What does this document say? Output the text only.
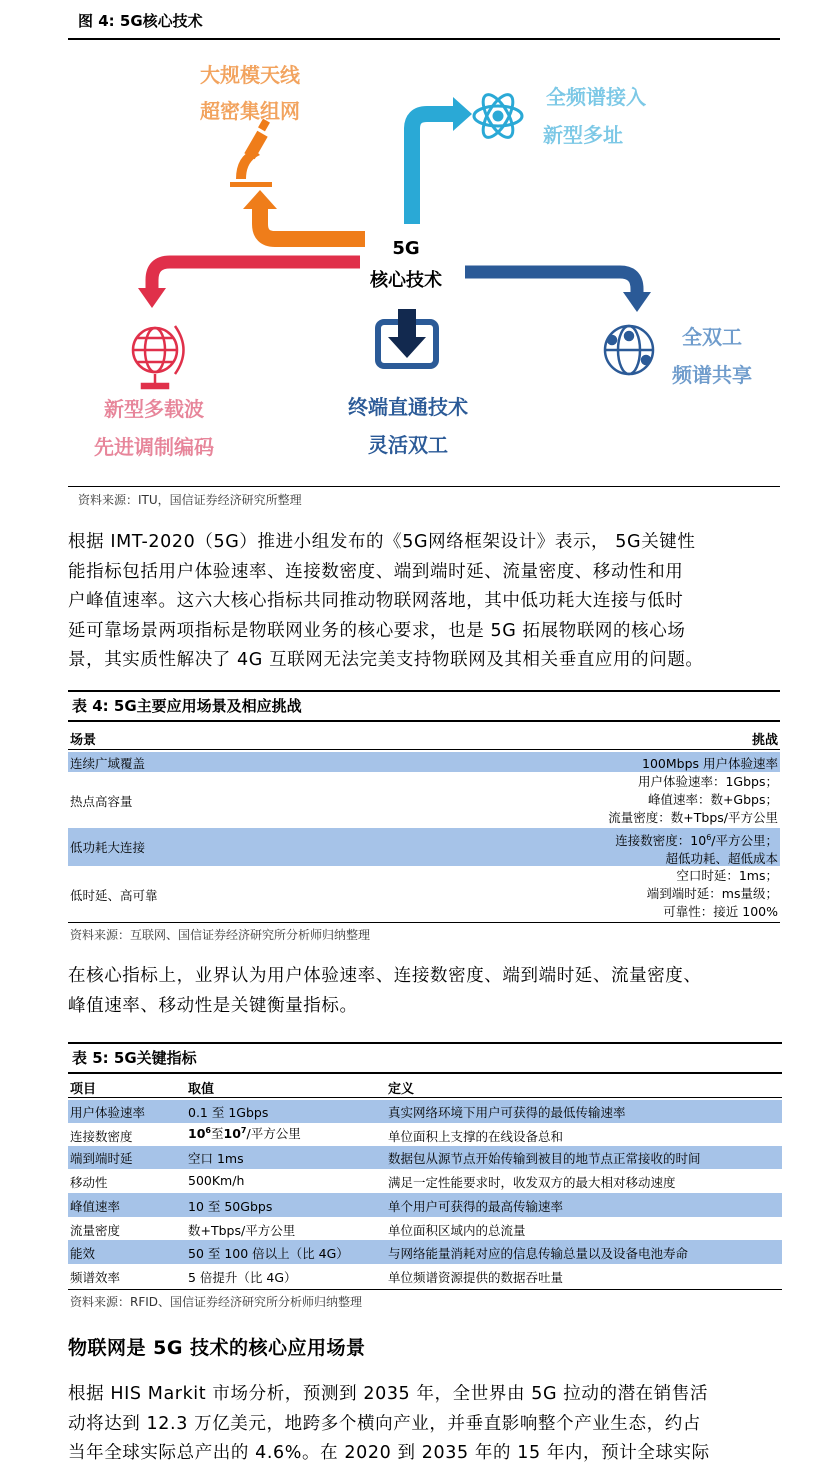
图 4: 5G核心技术
5G
核心技术
大规模天线
超密集组网
全频谱接入
新型多址
新型多载波
先进调制编码
终端直通技术
灵活双工
全双工
频谱共享
资料来源：ITU，国信证券经济研究所整理
根据 IMT-2020（5G）推进小组发布的《5G网络框架设计》表示， 5G关键性
能指标包括用户体验速率、连接数密度、端到端时延、流量密度、移动性和用
户峰值速率。这六大核心指标共同推动物联网落地，其中低功耗大连接与低时
延可靠场景两项指标是物联网业务的核心要求，也是 5G 拓展物联网的核心场
景，其实质性解决了 4G 互联网无法完美支持物联网及其相关垂直应用的问题。
表 4: 5G主要应用场景及相应挑战
场景	挑战
连续广域覆盖	100Mbps 用户体验速率
热点高容量
用户体验速率：1Gbps；
峰值速率：数+Gbps；
流量密度：数+Tbps/平方公里
低功耗大连接	连接数密度：$10^6/$平方公里；
超低功耗、超低成本
低时延、高可靠
空口时延：1ms；
端到端时延：ms量级；
可靠性：接近 100%
资料来源：互联网、国信证券经济研究所分析师归纳整理
在核心指标上，业界认为用户体验速率、连接数密度、端到端时延、流量密度、
峰值速率、移动性是关键衡量指标。
表 5: 5G关键指标
项目	取值	定义
用户体验速率	0.1 至 1Gbps	真实网络环境下用户可获得的最低传输速率
连接数密度	$10^6$至$10^7/$平方公里	单位面积上支撑的在线设备总和
端到端时延	空口 1ms	数据包从源节点开始传输到被目的地节点正常接收的时间
移动性	500Km/h	满足一定性能要求时，收发双方的最大相对移动速度
峰值速率	10 至 50Gbps	单个用户可获得的最高传输速率
流量密度	数+Tbps/平方公里	单位面积区域内的总流量
能效	50 至 100 倍以上（比 4G）	与网络能量消耗对应的信息传输总量以及设备电池寿命
频谱效率	5 倍提升（比 4G）	单位频谱资源提供的数据吞吐量
资料来源：RFID、国信证券经济研究所分析师归纳整理
物联网是 5G 技术的核心应用场景
根据 HIS Markit 市场分析，预测到 2035 年，全世界由 5G 拉动的潜在销售活
动将达到 12.3 万亿美元，地跨多个横向产业，并垂直影响整个产业生态，约占
当年全球实际总产出的 4.6%。在 2020 到 2035 年的 15 年内，预计全球实际
